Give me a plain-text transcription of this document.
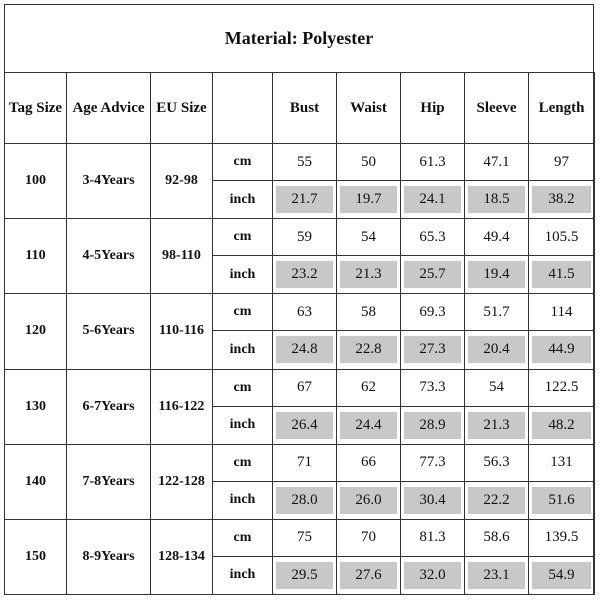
Material: Polyester
Tag Size	Age Advice	EU Size		Bust	Waist	Hip	Sleeve	Length
100	3-4Years	92-98	cm	55	50	61.3	47.1	97
			inch	21.7	19.7	24.1	18.5	38.2

110	4-5Years	98-110	cm	59	54	65.3	49.4	105.5
			inch	23.2	21.3	25.7	19.4	41.5

120	5-6Years	110-116	cm	63	58	69.3	51.7	114
			inch	24.8	22.8	27.3	20.4	44.9

130	6-7Years	116-122	cm	67	62	73.3	54	122.5
			inch	26.4	24.4	28.9	21.3	48.2

140	7-8Years	122-128	cm	71	66	77.3	56.3	131
			inch	28.0	26.0	30.4	22.2	51.6

150	8-9Years	128-134	cm	75	70	81.3	58.6	139.5
			inch	29.5	27.6	32.0	23.1	54.9
